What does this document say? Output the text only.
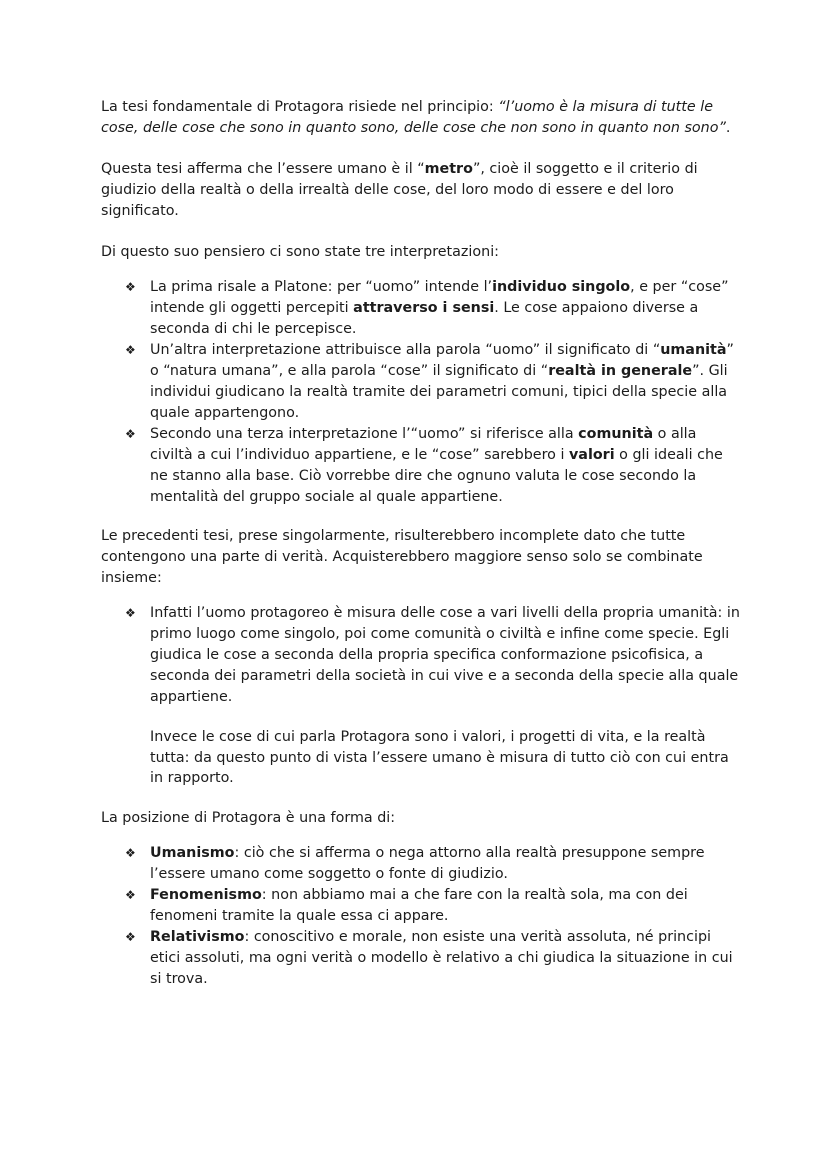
La tesi fondamentale di Protagora risiede nel principio: “l’uomo è la misura di tutte le cose, delle cose che sono in quanto sono, delle cose che non sono in quanto non sono”.

Questa tesi afferma che l’essere umano è il “metro”, cioè il soggetto e il criterio di giudizio della realtà o della irrealtà delle cose, del loro modo di essere e del loro significato.

Di questo suo pensiero ci sono state tre interpretazioni:

❖ La prima risale a Platone: per “uomo” intende l’individuo singolo, e per “cose” intende gli oggetti percepiti attraverso i sensi. Le cose appaiono diverse a seconda di chi le percepisce.
❖ Un’altra interpretazione attribuisce alla parola “uomo” il significato di “umanità” o “natura umana”, e alla parola “cose” il significato di “realtà in generale”. Gli individui giudicano la realtà tramite dei parametri comuni, tipici della specie alla quale appartengono.
❖ Secondo una terza interpretazione l’“uomo” si riferisce alla comunità o alla civiltà a cui l’individuo appartiene, e le “cose” sarebbero i valori o gli ideali che ne stanno alla base. Ciò vorrebbe dire che ognuno valuta le cose secondo la mentalità del gruppo sociale al quale appartiene.

Le precedenti tesi, prese singolarmente, risulterebbero incomplete dato che tutte contengono una parte di verità. Acquisterebbero maggiore senso solo se combinate insieme:

❖ Infatti l’uomo protagoreo è misura delle cose a vari livelli della propria umanità: in primo luogo come singolo, poi come comunità o civiltà e infine come specie. Egli giudica le cose a seconda della propria specifica conformazione psicofisica, a seconda dei parametri della società in cui vive e a seconda della specie alla quale appartiene.

Invece le cose di cui parla Protagora sono i valori, i progetti di vita, e la realtà tutta: da questo punto di vista l’essere umano è misura di tutto ciò con cui entra in rapporto.

La posizione di Protagora è una forma di:

❖ Umanismo: ciò che si afferma o nega attorno alla realtà presuppone sempre l’essere umano come soggetto o fonte di giudizio.
❖ Fenomenismo: non abbiamo mai a che fare con la realtà sola, ma con dei fenomeni tramite la quale essa ci appare.
❖ Relativismo: conoscitivo e morale, non esiste una verità assoluta, né principi etici assoluti, ma ogni verità o modello è relativo a chi giudica la situazione in cui si trova.
